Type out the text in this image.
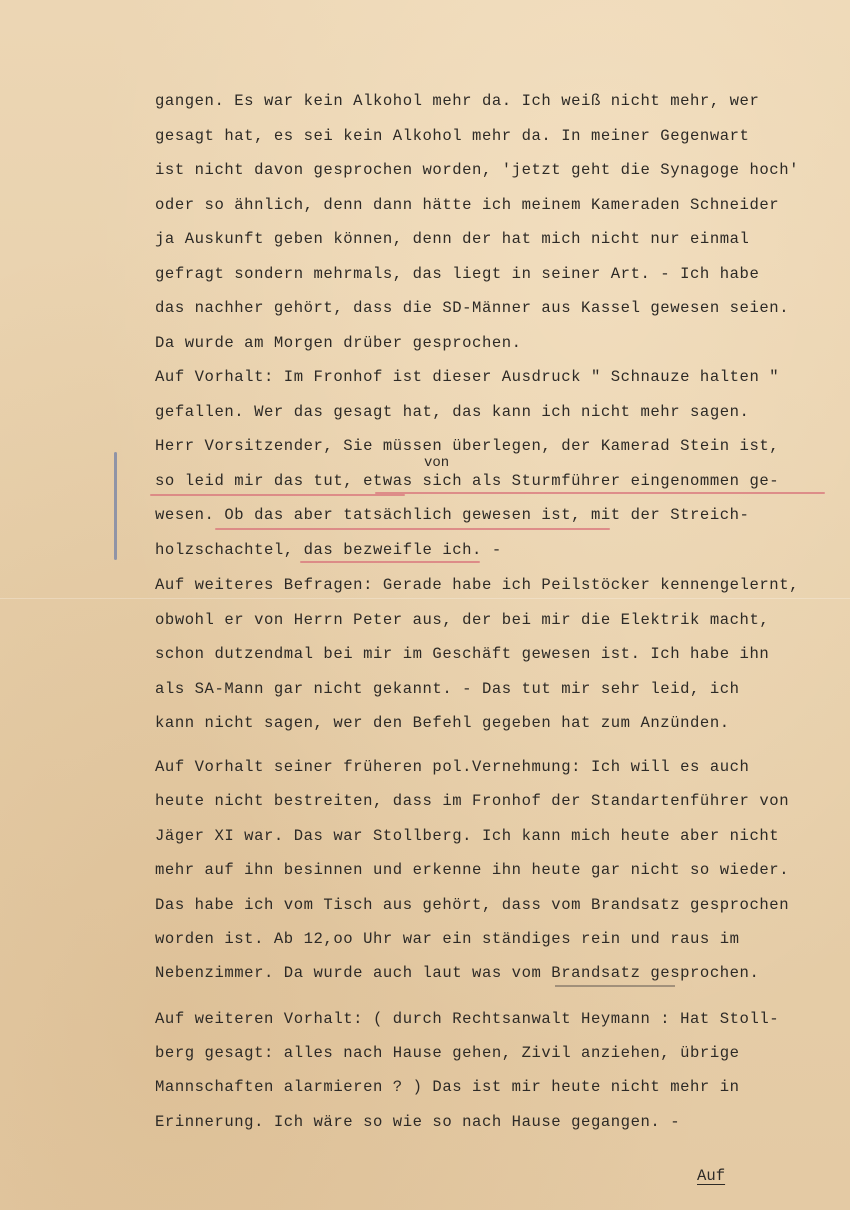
gangen. Es war kein Alkohol mehr da. Ich weiß nicht mehr, wer

gesagt hat, es sei kein Alkohol mehr da. In meiner Gegenwart

ist nicht davon gesprochen worden, 'jetzt geht die Synagoge hoch'

oder so ähnlich, denn dann hätte ich meinem Kameraden Schneider

ja Auskunft geben können, denn der hat mich nicht nur einmal

gefragt sondern mehrmals, das liegt in seiner Art. - Ich habe

das nachher gehört, dass die SD-Männer aus Kassel gewesen seien.

Da wurde am Morgen drüber gesprochen.

Auf Vorhalt: Im Fronhof ist dieser Ausdruck " Schnauze halten "

gefallen. Wer das gesagt hat, das kann ich nicht mehr sagen.

Herr Vorsitzender, Sie müssen überlegen, der Kamerad Stein ist,

von

so leid mir das tut, etwas sich als Sturmführer eingenommen ge-

wesen. Ob das aber tatsächlich gewesen ist, mit der Streich-

holzschachtel, das bezweifle ich. -

Auf weiteres Befragen: Gerade habe ich Peilstöcker kennengelernt,

obwohl er von Herrn Peter aus, der bei mir die Elektrik macht,

schon dutzendmal bei mir im Geschäft gewesen ist. Ich habe ihn

als SA-Mann gar nicht gekannt. - Das tut mir sehr leid, ich

kann nicht sagen, wer den Befehl gegeben hat zum Anzünden.

Auf Vorhalt seiner früheren pol.Vernehmung: Ich will es auch

heute nicht bestreiten, dass im Fronhof der Standartenführer von

Jäger XI war. Das war Stollberg. Ich kann mich heute aber nicht

mehr auf ihn besinnen und erkenne ihn heute gar nicht so wieder.

Das habe ich vom Tisch aus gehört, dass vom Brandsatz gesprochen

worden ist. Ab 12,oo Uhr war ein ständiges rein und raus im

Nebenzimmer. Da wurde auch laut was vom Brandsatz gesprochen.

Auf weiteren Vorhalt: ( durch Rechtsanwalt Heymann : Hat Stoll-

berg gesagt: alles nach Hause gehen, Zivil anziehen, übrige

Mannschaften alarmieren ? ) Das ist mir heute nicht mehr in

Erinnerung. Ich wäre so wie so nach Hause gegangen. -

Auf
